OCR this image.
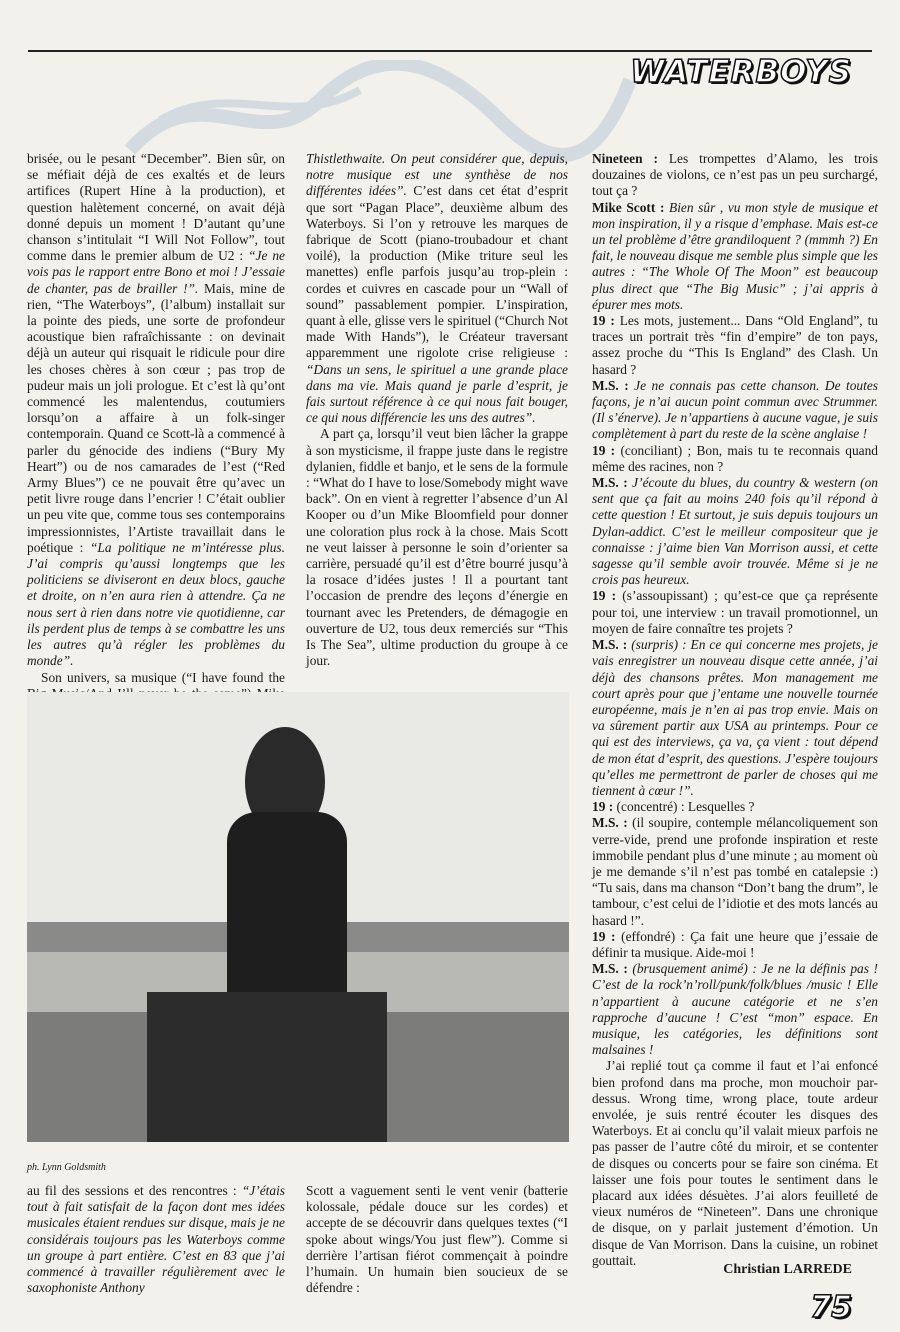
WATERBOYS

brisée, ou le pesant “December”. Bien sûr, on se méfiait déjà de ces exaltés et de leurs artifices (Rupert Hine à la production), et question halètement concerné, on avait déjà donné depuis un moment ! D’autant qu’une chanson s’intitulait “I Will Not Follow”, tout comme dans le premier album de U2 : “Je ne vois pas le rapport entre Bono et moi ! J’essaie de chanter, pas de brailler !”. Mais, mine de rien, “The Waterboys”, (l’album) installait sur la pointe des pieds, une sorte de profondeur acoustique bien rafraîchissante : on devinait déjà un auteur qui risquait le ridicule pour dire les choses chères à son cœur ; pas trop de pudeur mais un joli prologue. Et c’est là qu’ont commencé les malentendus, coutumiers lorsqu’on a affaire à un folk-singer contemporain. Quand ce Scott-là a commencé à parler du génocide des indiens (“Bury My Heart”) ou de nos camarades de l’est (“Red Army Blues”) ce ne pouvait être qu’avec un petit livre rouge dans l’encrier ! C’était oublier un peu vite que, comme tous ses contemporains impressionnistes, l’Artiste travaillait dans le poétique : “La politique ne m’intéresse plus. J’ai compris qu’aussi longtemps que les politiciens se diviseront en deux blocs, gauche et droite, on n’en aura rien à attendre. Ça ne nous sert à rien dans notre vie quotidienne, car ils perdent plus de temps à se combattre les uns les autres qu’à régler les problèmes du monde”.

Son univers, sa musique (“I have found the

Thistlethwaite. On peut considérer que, depuis, notre musique est une synthèse de nos différentes idées”. C’est dans cet état d’esprit que sort “Pagan Place”, deuxième album des Waterboys. Si l’on y retrouve les marques de fabrique de Scott (piano-troubadour et chant voilé), la production (Mike triture seul les manettes) enfle parfois jusqu’au trop-plein : cordes et cuivres en cascade pour un “Wall of sound” passablement pompier. L’inspiration, quant à elle, glisse vers le spirituel (“Church Not made With Hands”), le Créateur traversant apparemment une rigolote crise religieuse : “Dans un sens, le spirituel a une grande place dans ma vie. Mais quand je parle d’esprit, je fais surtout référence à ce qui nous fait bouger, ce qui nous différencie les uns des autres”.

A part ça, lorsqu’il veut bien lâcher la grappe à son mysticisme, il frappe juste dans le registre dylanien, fiddle et banjo, et le sens de la formule : “What do I have to lose/Somebody might wave back”. On en vient à regretter l’absence d’un Al Kooper ou d’un Mike Bloomfield pour donner une coloration plus rock à la chose. Mais Scott ne veut laisser à personne le soin d’orienter sa carrière, persuadé qu’il est d’être bourré jusqu’à la rosace d’idées justes ! Il a pourtant tant l’occasion de prendre des leçons d’énergie en tournant avec les Pretenders, de démagogie en ouverture de U2, tous deux remerciés sur “This Is The Sea”, ultime production du groupe à ce jour.

Nineteen : Les trompettes d’Alamo, les trois douzaines de violons, ce n’est pas un peu surchargé, tout ça ?

Mike Scott : Bien sûr , vu mon style de musique et mon inspiration, il y a risque d’emphase. Mais est-ce un tel problème d’être grandiloquent ? (mmmh ?) En fait, le nouveau disque me semble plus simple que les autres : “The Whole Of The Moon” est beaucoup plus direct que “The Big Music” ; j’ai appris à épurer mes mots.

19 : Les mots, justement... Dans “Old England”, tu traces un portrait très “fin d’empire” de ton pays, assez proche du “This Is England” des Clash. Un hasard ?

M.S. : Je ne connais pas cette chanson. De toutes façons, je n’ai aucun point commun avec Strummer. (Il s’énerve). Je n’appartiens à aucune vague, je suis complètement à part du reste de la scène anglaise !

19 : (conciliant) ; Bon, mais tu te reconnais quand même des racines, non ?

M.S. : J’écoute du blues, du country & western (on sent que ça fait au moins 240 fois qu’il répond à cette question ! Et surtout, je suis depuis toujours un Dylan-addict. C’est le meilleur compositeur que je connaisse : j’aime bien Van Morrison aussi, et cette sagesse qu’il semble avoir trouvée. Même si je ne crois pas heureux.

19 : (s’assoupissant) ; qu’est-ce que ça représente pour toi, une interview : un travail promotionnel, un moyen de faire connaître tes projets ?

M.S. : (surpris) : En ce qui concerne mes projets, je vais enregistrer un nouveau disque cette année, j’ai déjà des chansons prêtes. Mon management me court après pour que j’entame une nouvelle tournée européenne, mais je n’en ai pas trop envie. Mais on va sûrement partir aux USA au printemps. Pour ce qui est des interviews, ça va, ça vient : tout dépend de mon état d’esprit, des questions. J’espère toujours qu’elles me permettront de parler de choses qui me tiennent à cœur !”.

19 : (concentré) : Lesquelles ?

M.S. : (il soupire, contemple mélancoliquement son verre-vide, prend une profonde inspiration et reste immobile pendant plus d’une minute ; au moment où je me demande s’il n’est pas tombé en catalepsie :) “Tu sais, dans ma chanson “Don’t bang the drum”, le tambour, c’est celui de l’idiotie et des mots lancés au hasard !”.

19 : (effondré) : Ça fait une heure que j’essaie de définir ta musique. Aide-moi !

M.S. : (brusquement animé) : Je ne la définis pas ! C’est de la rock’n’roll/punk/folk/blues /music ! Elle n’appartient à aucune catégorie et ne s’en rapproche d’aucune ! C’est “mon” espace. En musique, les catégories, les définitions sont malsaines !

J’ai replié tout ça comme il faut et l’ai enfoncé bien profond dans ma proche, mon mouchoir par-dessus. Wrong time, wrong place, toute ardeur envolée, je suis rentré écouter les disques des Waterboys. Et ai conclu qu’il valait mieux parfois ne pas passer de l’autre côté du miroir, et se contenter de disques ou concerts pour se faire son cinéma. Et laisser une fois pour toutes le sentiment dans le placard aux idées désuètes. J’ai alors feuilleté de vieux numéros de “Nineteen”. Dans une chronique de disque, on y parlait justement d’émotion. Un disque de Van Morrison. Dans la cuisine, un robinet gouttait.

ph. Lynn Goldsmith

au fil des sessions et des rencontres : “J’étais tout à fait satisfait de la façon dont mes idées musicales étaient rendues sur disque, mais je ne considérais toujours pas les Waterboys comme un groupe à part entière. C’est en 83 que j’ai commencé à travailler régulièrement avec le saxophoniste Anthony

Scott a vaguement senti le vent venir (batterie kolossale, pédale douce sur les cordes) et accepte de se découvrir dans quelques textes (“I spoke about wings/You just flew”). Comme si derrière l’artisan fiérot commençait à poindre l’humain. Un humain bien soucieux de se défendre :

Christian LARREDE
75
